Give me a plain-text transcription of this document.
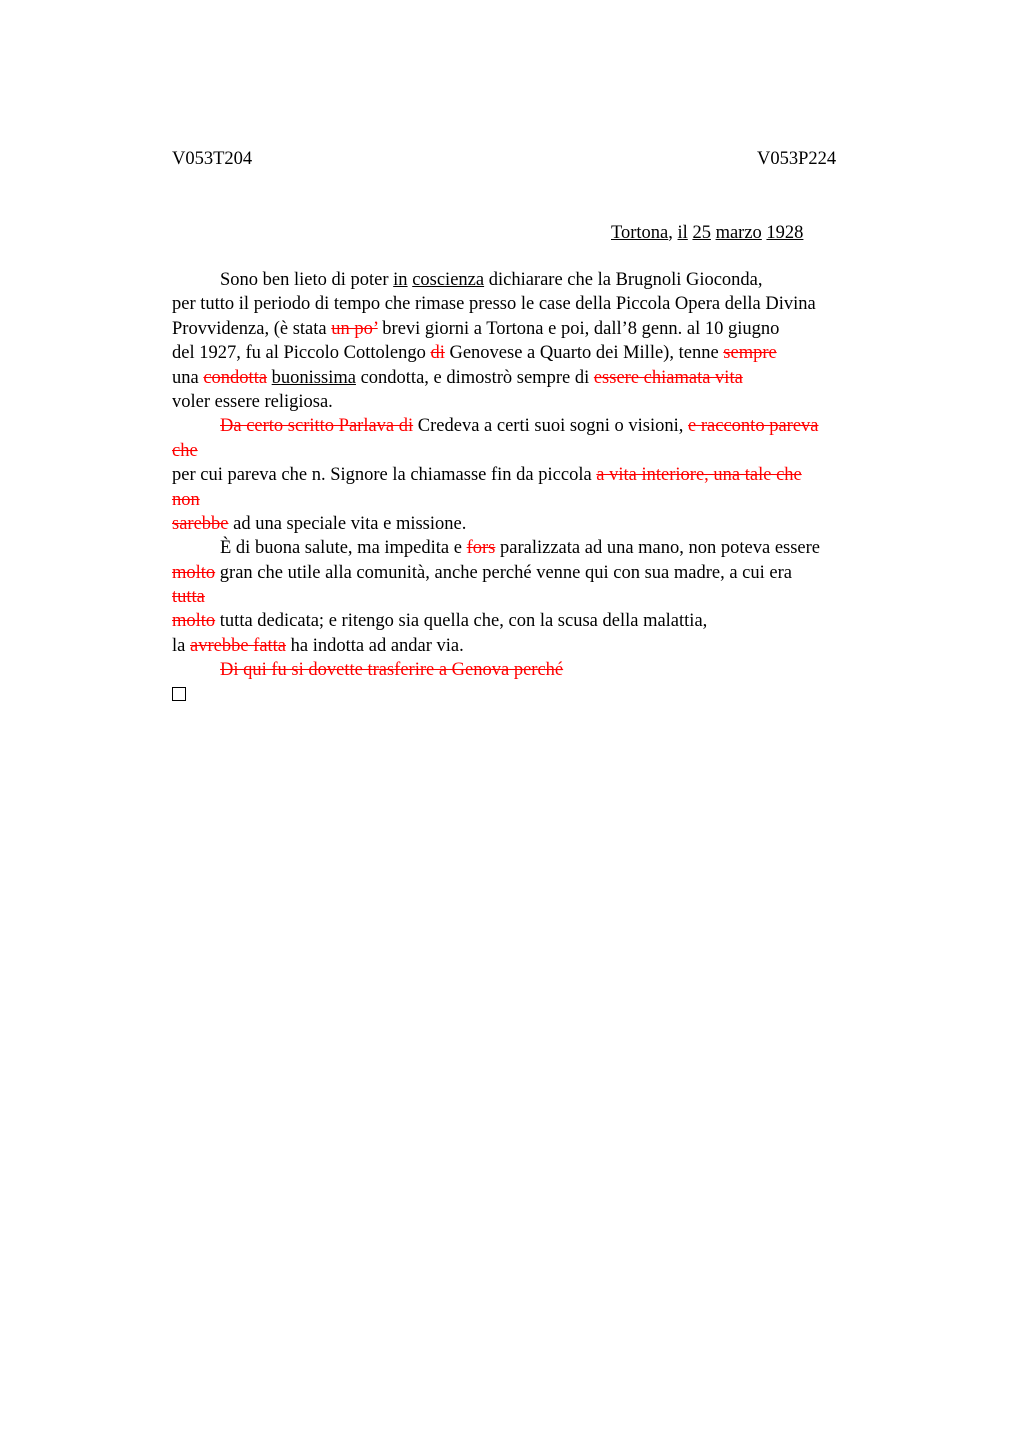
V053T204	V053P224
Tortona, il 25 marzo 1928
Sono ben lieto di poter in coscienza dichiarare che la Brugnoli Gioconda,
per tutto il periodo di tempo che rimase presso le case della Piccola Opera della Divina
Provvidenza, (è stata un po’ brevi giorni a Tortona e poi, dall’8 genn. al 10 giugno
del 1927, fu al Piccolo Cottolengo di Genovese a Quarto dei Mille), tenne sempre
una condotta buonissima condotta, e dimostrò sempre di essere chiamata vita
voler essere religiosa.
Da certo scritto Parlava di Credeva a certi suoi sogni o visioni, e racconto pareva
che
per cui pareva che n. Signore la chiamasse fin da piccola a vita interiore, una tale che
non
sarebbe ad una speciale vita e missione.
È di buona salute, ma impedita e fors paralizzata ad una mano, non poteva essere
molto gran che utile alla comunità, anche perché venne qui con sua madre, a cui era
tutta
molto tutta dedicata; e ritengo sia quella che, con la scusa della malattia,
la avrebbe fatta ha indotta ad andar via.
Di qui fu si dovette trasferire a Genova perché
